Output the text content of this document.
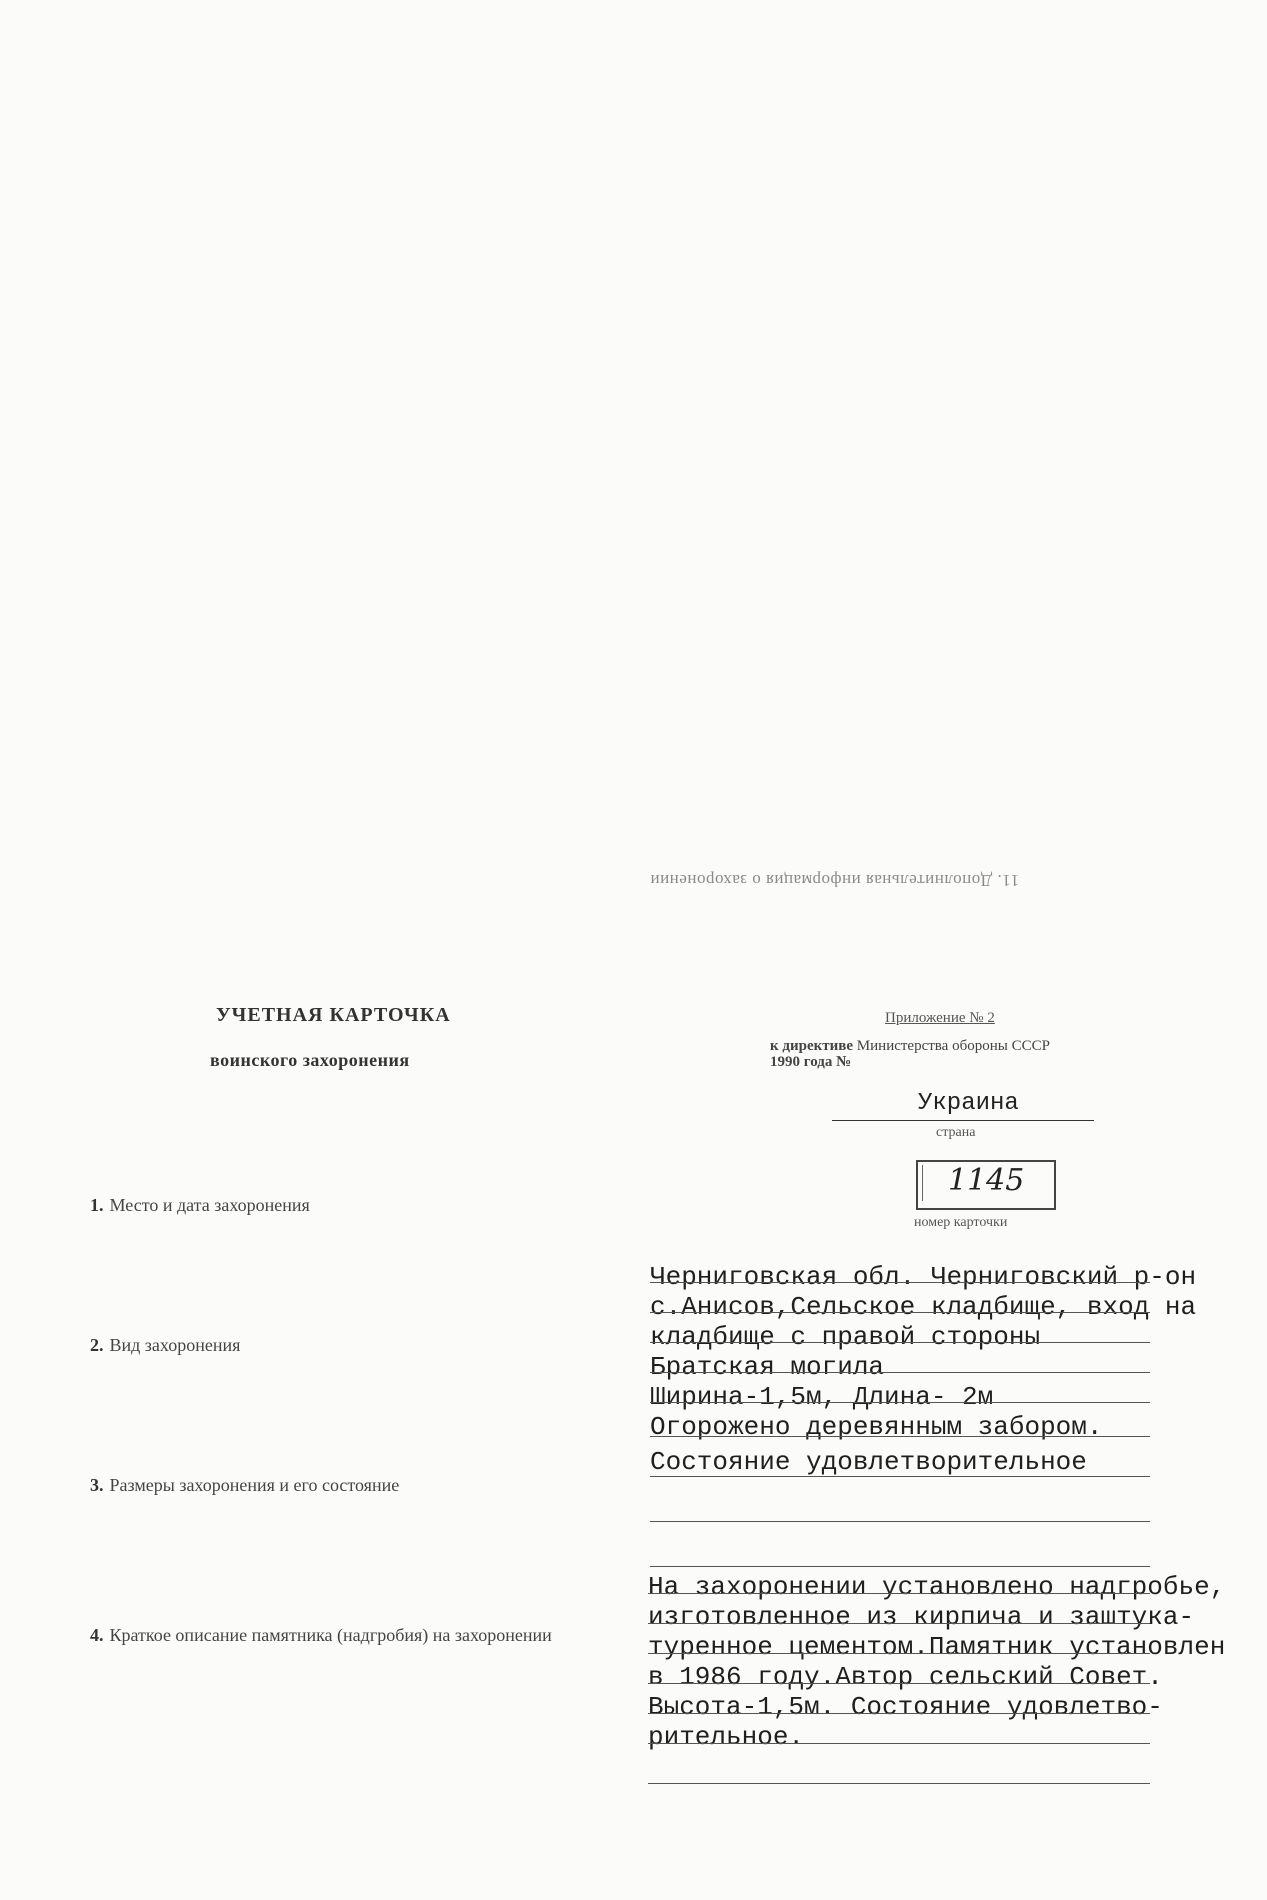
11. Дополнительная информация о захоронении
УЧЕТНАЯ КАРТОЧКА
воинского захоронения
Приложение № 2
к директиве Министерства обороны СССР
1990 года №
Украина
страна
1145
номер карточки
1. Место и дата захоронения
2. Вид захоронения
3. Размеры захоронения и его состояние
4. Краткое описание памятника (надгробия) на захоронении
Черниговская обл. Черниговский р-он
с.Анисов,Сельское кладбище, вход на
кладбище с правой стороны
Братская могила
Ширина-1,5м, Длина- 2м
Огорожено деревянным забором.
Состояние удовлетворительное
На захоронении установлено надгробье,
изготовленное из кирпича и заштука-
туренное цементом.Памятник установлен
в 1986 году.Автор сельский Совет.
Высота-1,5м. Состояние удовлетво-
рительное.
